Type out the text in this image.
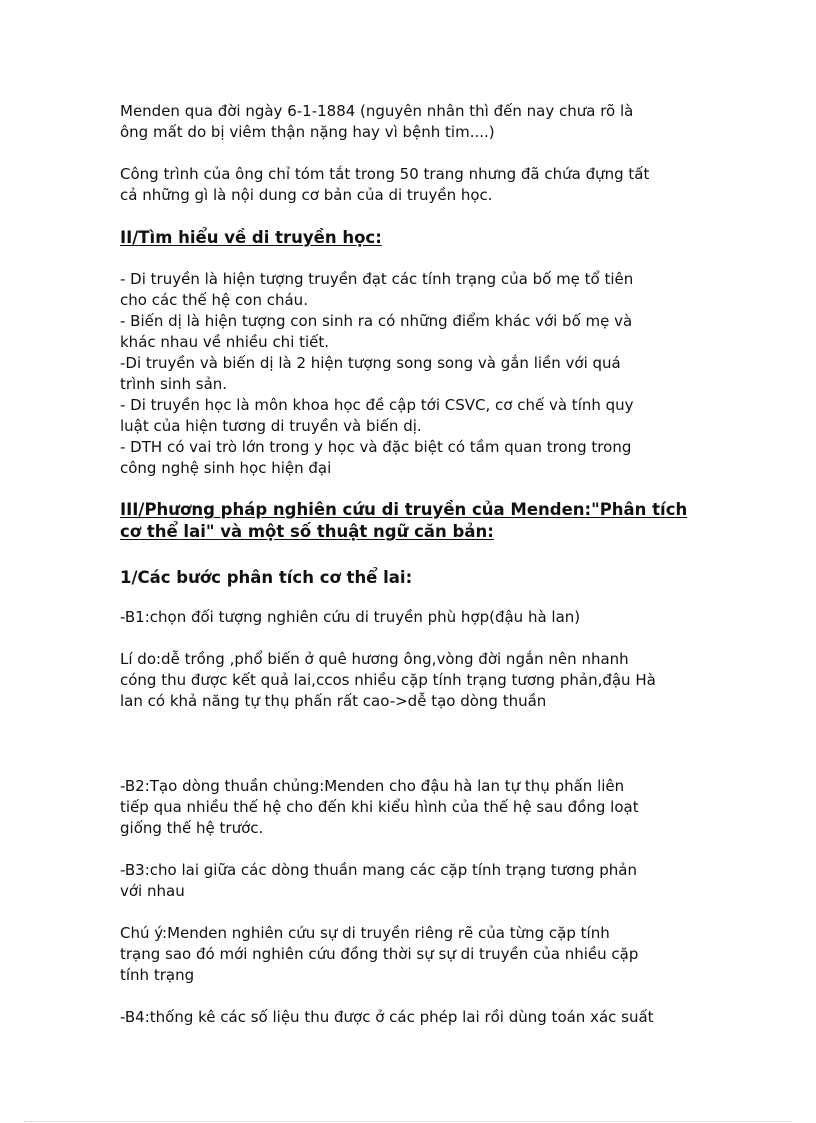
Menden qua đời ngày 6-1-1884 (nguyên nhân thì đến nay chưa rõ là
ông mất do bị viêm thận nặng hay vì bệnh tim....)

Công trình của ông chỉ tóm tắt trong 50 trang nhưng đã chứa đựng tất
cả những gì là nội dung cơ bản của di truyền học.

II/Tìm hiểu về di truyền học:

- Di truyền là hiện tượng truyền đạt các tính trạng của bố mẹ tổ tiên
cho các thế hệ con cháu.
- Biến dị là hiện tượng con sinh ra có những điểm khác với bố mẹ và
khác nhau về nhiều chi tiết.
-Di truyền và biến dị là 2 hiện tượng song song và gắn liền với quá
trình sinh sản.
- Di truyền học là môn khoa học đề cập tới CSVC, cơ chế và tính quy
luật của hiện tương di truyền và biến dị.
- DTH có vai trò lớn trong y học và đặc biệt có tầm quan trong trong
công nghệ sinh học hiện đại

III/Phương pháp nghiên cứu di truyền của Menden:"Phân tích
cơ thể lai" và một số thuật ngữ căn bản:

1/Các bước phân tích cơ thể lai:

-B1:chọn đối tượng nghiên cứu di truyền phù hợp(đậu hà lan)

Lí do:dễ trồng ,phổ biến ở quê hương ông,vòng đời ngắn nên nhanh
cóng thu được kết quả lai,ccos nhiều cặp tính trạng tương phản,đậu Hà
lan có khả năng tự thụ phấn rất cao->dễ tạo dòng thuần

-B2:Tạo dòng thuần chủng:Menden cho đậu hà lan tự thụ phấn liên
tiếp qua nhiều thế hệ cho đến khi kiểu hình của thế hệ sau đồng loạt
giống thế hệ trước.

-B3:cho lai giữa các dòng thuần mang các cặp tính trạng tương phản
với nhau

Chú ý:Menden nghiên cứu sự di truyền riêng rẽ của từng cặp tính
trạng sao đó mới nghiên cứu đồng thời sự sự di truyền của nhiều cặp
tính trạng

-B4:thống kê các số liệu thu được ở các phép lai rồi dùng toán xác suất
